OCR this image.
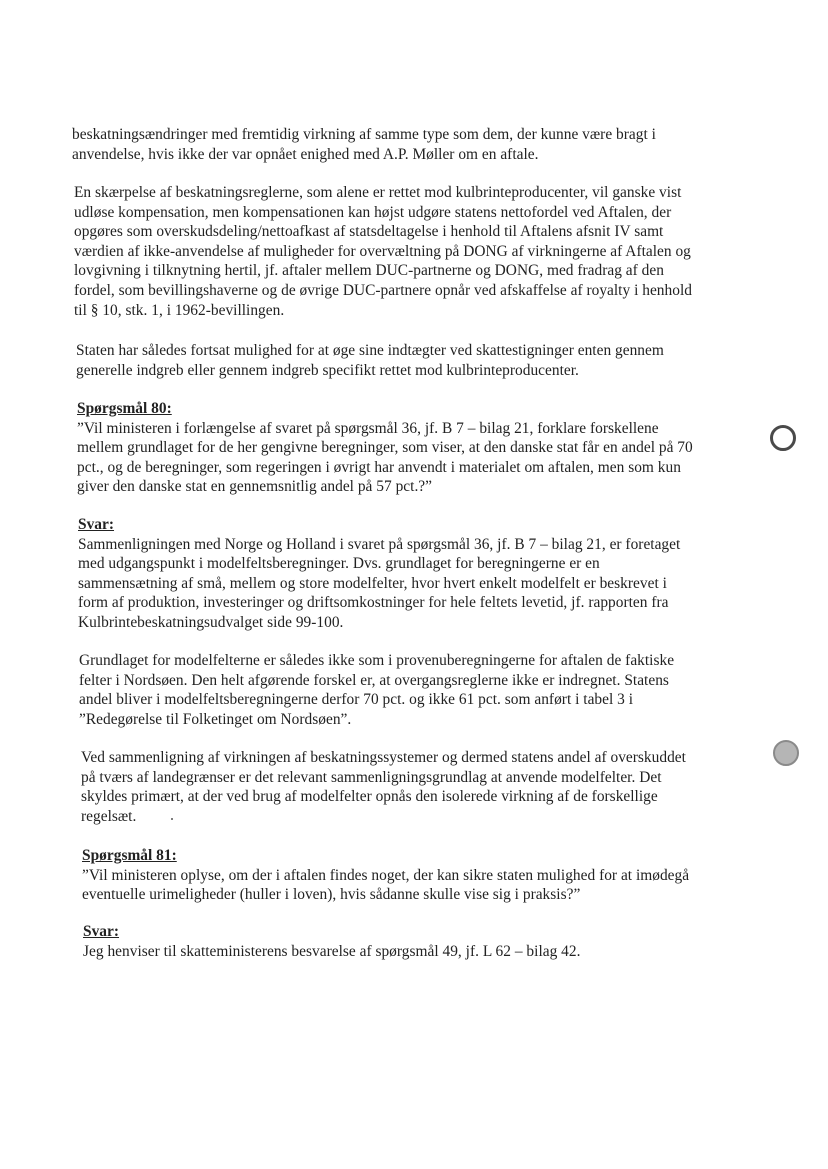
beskatningsændringer med fremtidig virkning af samme type som dem, der kunne være bragt i
anvendelse, hvis ikke der var opnået enighed med A.P. Møller om en aftale.
En skærpelse af beskatningsreglerne, som alene er rettet mod kulbrinteproducenter, vil ganske vist
udløse kompensation, men kompensationen kan højst udgøre statens nettofordel ved Aftalen, der
opgøres som overskudsdeling/nettoafkast af statsdeltagelse i henhold til Aftalens afsnit IV samt
værdien af ikke-anvendelse af muligheder for overvæltning på DONG af virkningerne af Aftalen og
lovgivning i tilknytning hertil, jf. aftaler mellem DUC-partnerne og DONG, med fradrag af den
fordel, som bevillingshaverne og de øvrige DUC-partnere opnår ved afskaffelse af royalty i henhold
til § 10, stk. 1, i 1962-bevillingen.
Staten har således fortsat mulighed for at øge sine indtægter ved skattestigninger enten gennem
generelle indgreb eller gennem indgreb specifikt rettet mod kulbrinteproducenter.
Spørgsmål 80:
”Vil ministeren i forlængelse af svaret på spørgsmål 36, jf. B 7 – bilag 21, forklare forskellene
mellem grundlaget for de her gengivne beregninger, som viser, at den danske stat får en andel på 70
pct., og de beregninger, som regeringen i øvrigt har anvendt i materialet om aftalen, men som kun
giver den danske stat en gennemsnitlig andel på 57 pct.?”
Svar:
Sammenligningen med Norge og Holland i svaret på spørgsmål 36, jf. B 7 – bilag 21, er foretaget
med udgangspunkt i modelfeltsberegninger. Dvs. grundlaget for beregningerne er en
sammensætning af små, mellem og store modelfelter, hvor hvert enkelt modelfelt er beskrevet i
form af produktion, investeringer og driftsomkostninger for hele feltets levetid, jf. rapporten fra
Kulbrintebeskatningsudvalget side 99-100.
Grundlaget for modelfelterne er således ikke som i provenuberegningerne for aftalen de faktiske
felter i Nordsøen. Den helt afgørende forskel er, at overgangsreglerne ikke er indregnet. Statens
andel bliver i modelfeltsberegningerne derfor 70 pct. og ikke 61 pct. som anført i tabel 3 i
”Redegørelse til Folketinget om Nordsøen”.
Ved sammenligning af virkningen af beskatningssystemer og dermed statens andel af overskuddet
på tværs af landegrænser er det relevant sammenligningsgrundlag at anvende modelfelter. Det
skyldes primært, at der ved brug af modelfelter opnås den isolerede virkning af de forskellige
regelsæt.
Spørgsmål 81:
”Vil ministeren oplyse, om der i aftalen findes noget, der kan sikre staten mulighed for at imødegå
eventuelle urimeligheder (huller i loven), hvis sådanne skulle vise sig i praksis?”
Svar:
Jeg henviser til skatteministerens besvarelse af spørgsmål 49, jf. L 62 – bilag 42.
